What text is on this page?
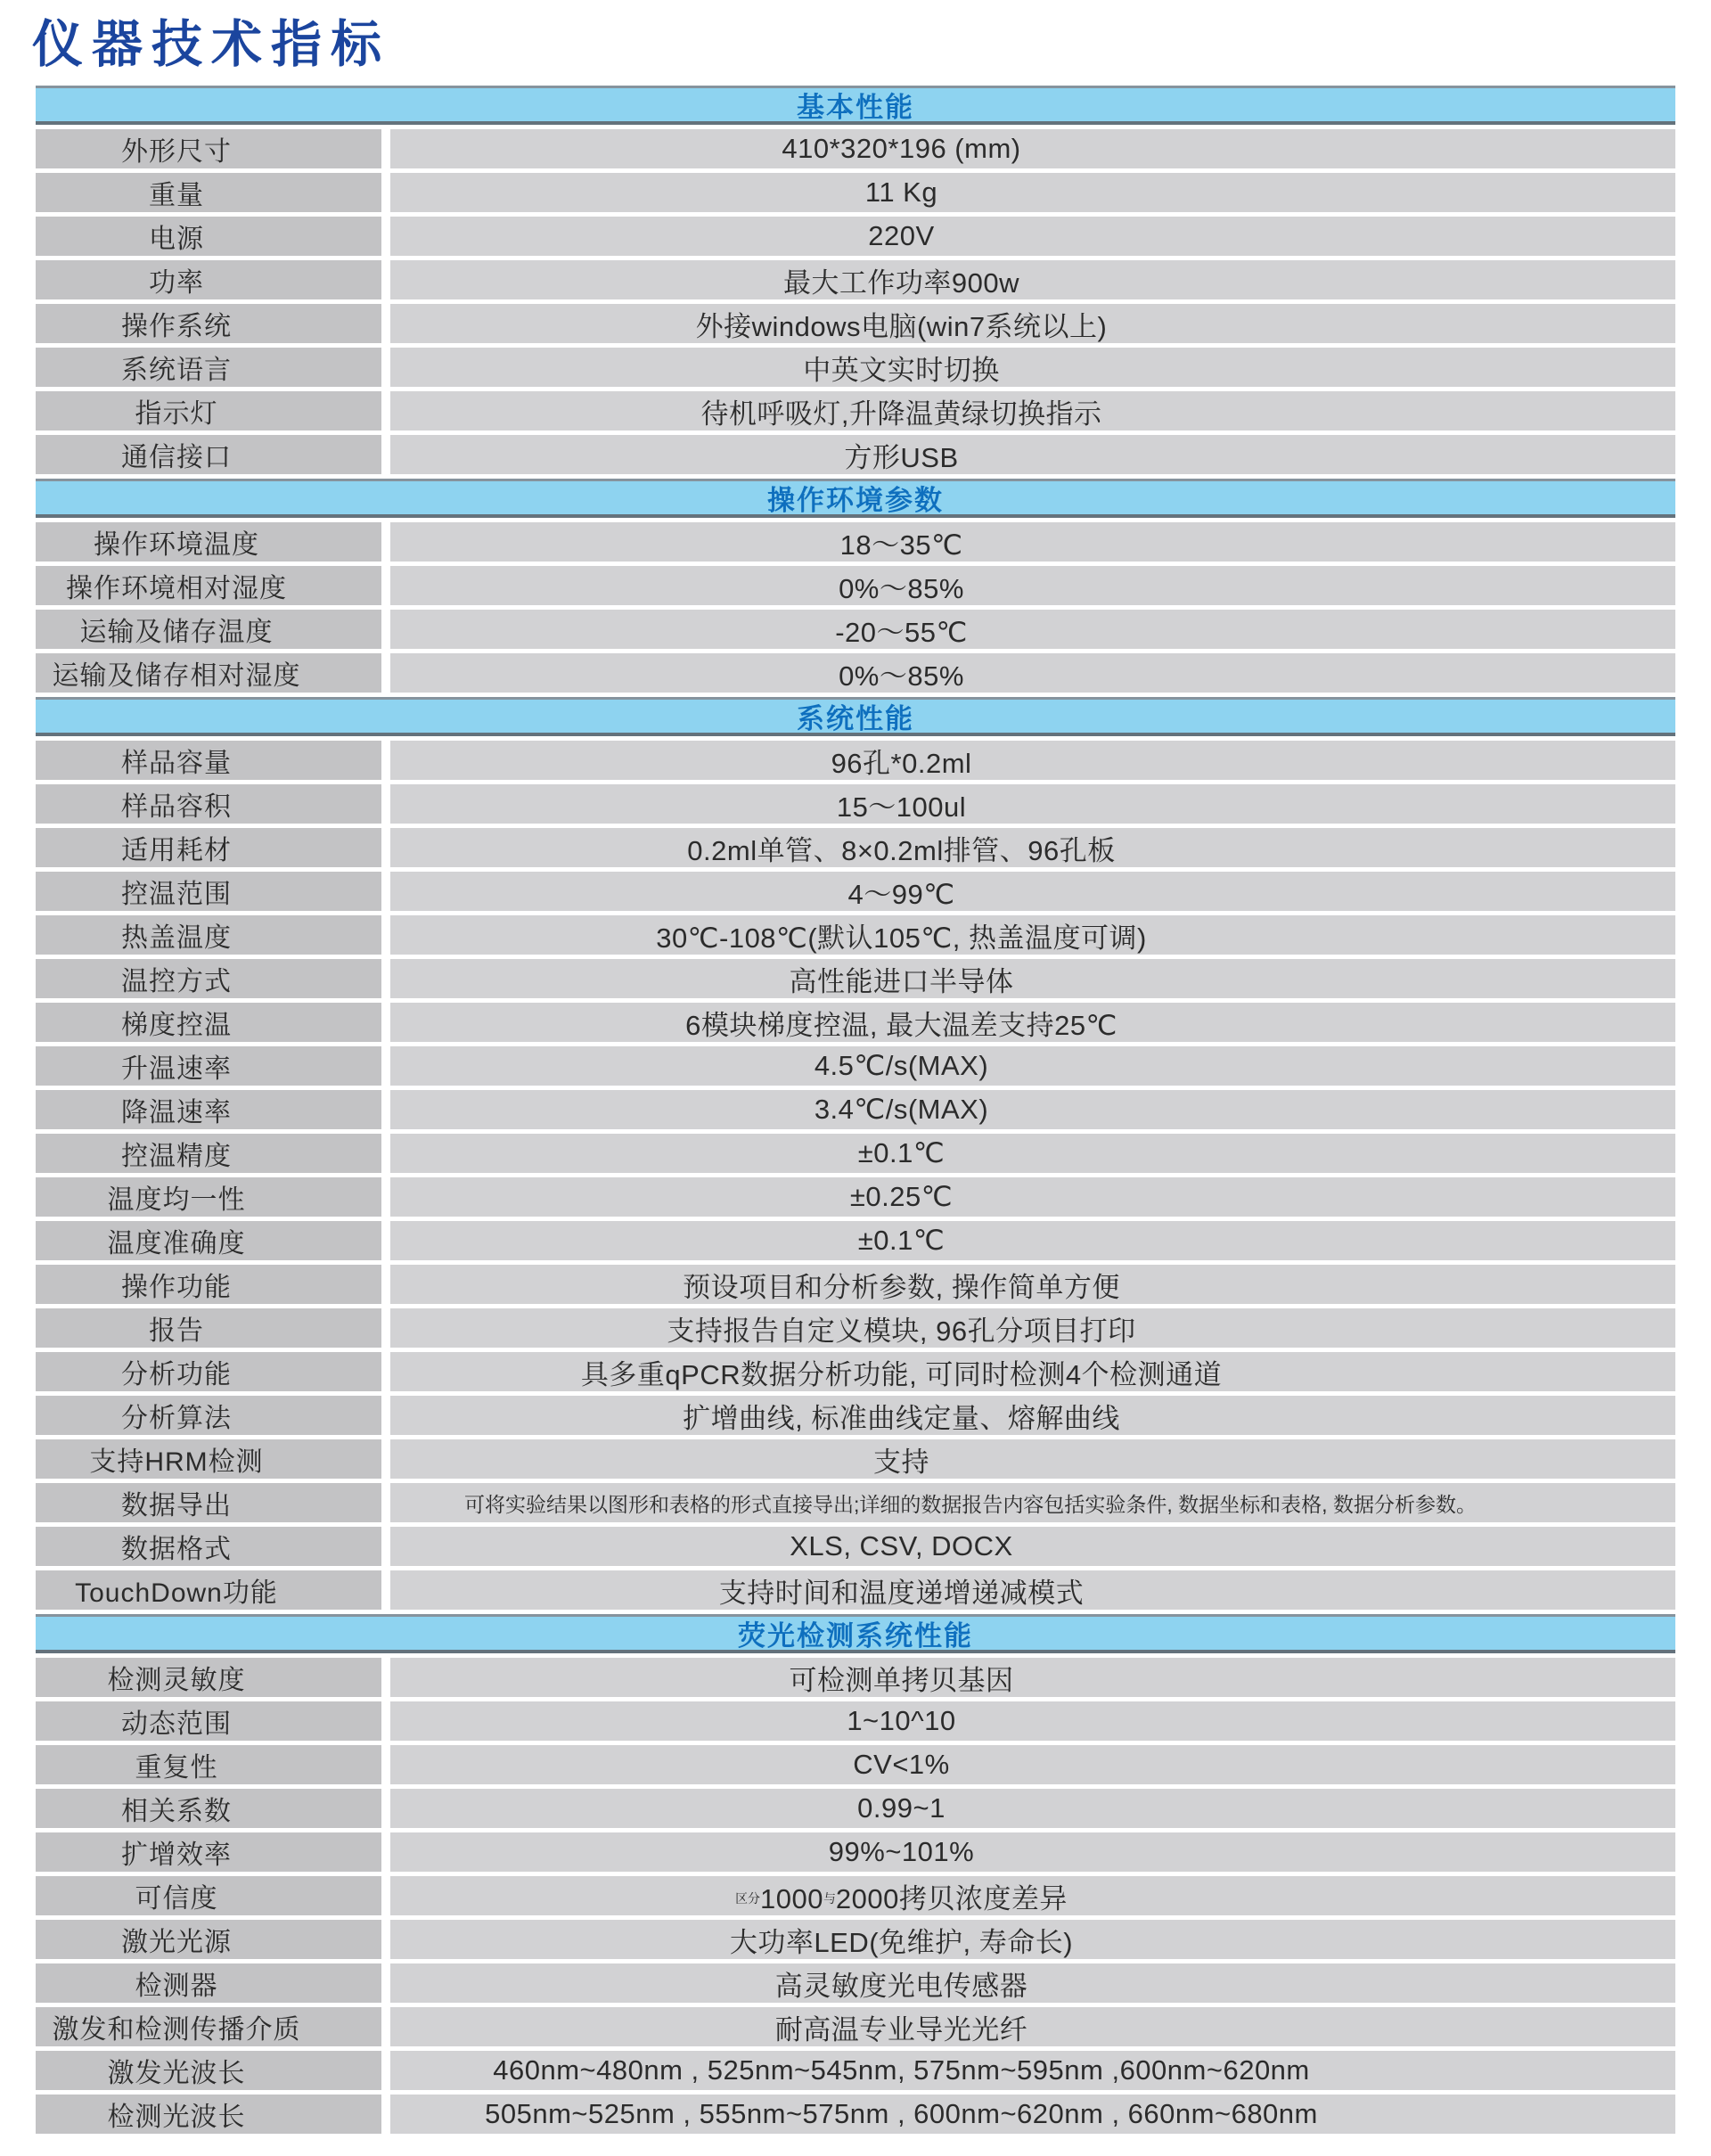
仪器技术指标
基本性能
外形尺寸	410*320*196 (mm)
重量	11 Kg
电源	220V
功率	最大工作功率900w
操作系统	外接windows电脑(win7系统以上)
系统语言	中英文实时切换
指示灯	待机呼吸灯,升降温黄绿切换指示
通信接口	方形USB
操作环境参数
操作环境温度	18～35℃
操作环境相对湿度	0%～85%
运输及储存温度	-20～55℃
运输及储存相对湿度	0%～85%
系统性能
样品容量	96孔*0.2ml
样品容积	15～100ul
适用耗材	0.2ml单管、8×0.2ml排管、96孔板
控温范围	4～99℃
热盖温度	30℃-108℃(默认105℃, 热盖温度可调)
温控方式	高性能进口半导体
梯度控温	6模块梯度控温, 最大温差支持25℃
升温速率	4.5℃/s(MAX)
降温速率	3.4℃/s(MAX)
控温精度	±0.1℃
温度均一性	±0.25℃
温度准确度	±0.1℃
操作功能	预设项目和分析参数, 操作简单方便
报告	支持报告自定义模块, 96孔分项目打印
分析功能	具多重qPCR数据分析功能, 可同时检测4个检测通道
分析算法	扩增曲线, 标准曲线定量、熔解曲线
支持HRM检测	支持
数据导出	可将实验结果以图形和表格的形式直接导出;详细的数据报告内容包括实验条件, 数据坐标和表格, 数据分析参数。
数据格式	XLS, CSV, DOCX
TouchDown功能	支持时间和温度递增递减模式
荧光检测系统性能
检测灵敏度	可检测单拷贝基因
动态范围	1~10^10
重复性	CV<1%
相关系数	0.99~1
扩增效率	99%~101%
可信度	区分1000与2000拷贝浓度差异
激光光源	大功率LED(免维护, 寿命长)
检测器	高灵敏度光电传感器
激发和检测传播介质	耐高温专业导光光纤
激发光波长	460nm~480nm , 525nm~545nm, 575nm~595nm ,600nm~620nm
检测光波长	505nm~525nm , 555nm~575nm , 600nm~620nm , 660nm~680nm
